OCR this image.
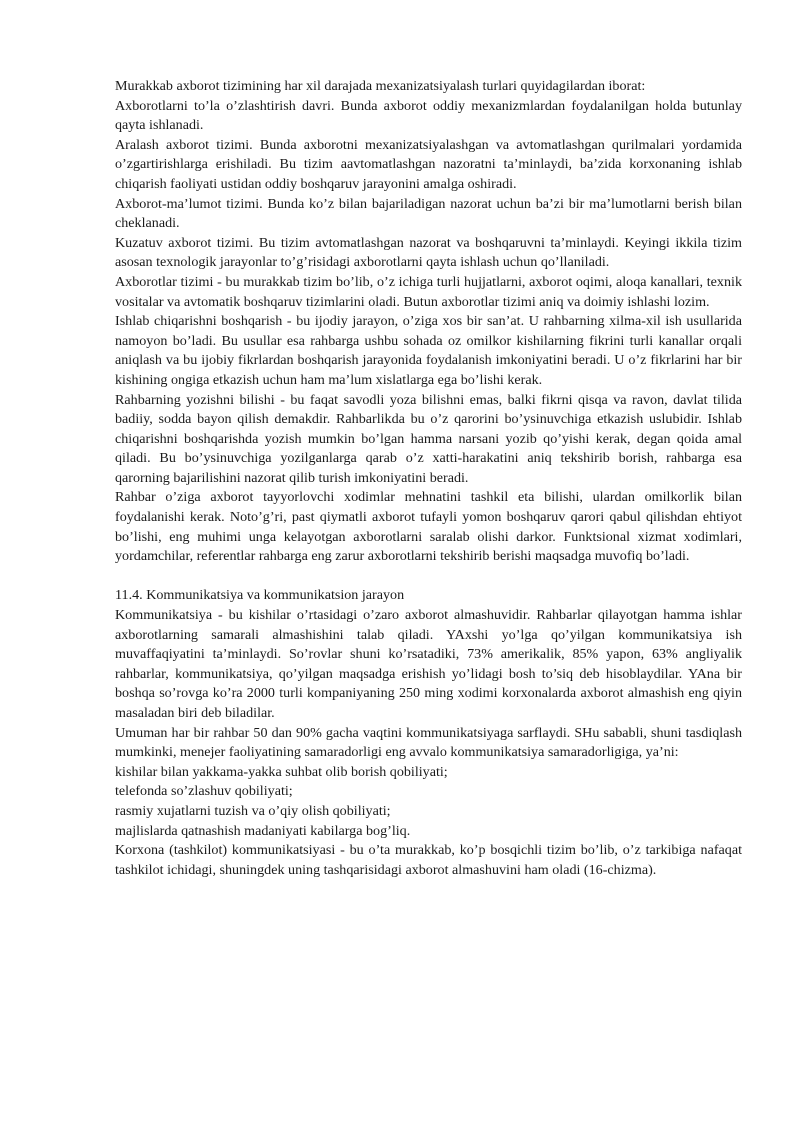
Murakkab axborot tizimining har xil darajada mexanizatsiyalash turlari quyidagilardan iborat:

Axborotlarni to’la o’zlashtirish davri. Bunda axborot oddiy mexanizmlardan foydalanilgan holda butunlay qayta ishlanadi.

Aralash axborot tizimi. Bunda axborotni mexanizatsiyalashgan va avtomatlashgan qurilmalari yordamida o’zgartirishlarga erishiladi. Bu tizim aavtomatlashgan nazoratni ta’minlaydi, ba’zida korxonaning ishlab chiqarish faoliyati ustidan oddiy boshqaruv jarayonini amalga oshiradi.

Axborot-ma’lumot tizimi. Bunda ko’z bilan bajariladigan nazorat uchun ba’zi bir ma’lumotlarni berish bilan cheklanadi.

Kuzatuv axborot tizimi. Bu tizim avtomatlashgan nazorat va boshqaruvni ta’minlaydi. Keyingi ikkila tizim asosan texnologik jarayonlar to’g’risidagi axborotlarni qayta ishlash uchun qo’llaniladi.

Axborotlar tizimi - bu murakkab tizim bo’lib, o’z ichiga turli hujjatlarni, axborot oqimi, aloqa kanallari, texnik vositalar va avtomatik boshqaruv tizimlarini oladi. Butun axborotlar tizimi aniq va doimiy ishlashi lozim.

Ishlab chiqarishni boshqarish - bu ijodiy jarayon, o’ziga xos bir san’at. U rahbarning xilma-xil ish usullarida namoyon bo’ladi. Bu usullar esa rahbarga ushbu sohada oz omilkor kishilarning fikrini turli kanallar orqali aniqlash va bu ijobiy fikrlardan boshqarish jarayonida foydalanish imkoniyatini beradi. U o’z fikrlarini har bir kishining ongiga etkazish uchun ham ma’lum xislatlarga ega bo’lishi kerak.

Rahbarning yozishni bilishi - bu faqat savodli yoza bilishni emas, balki fikrni qisqa va ravon, davlat tilida badiiy, sodda bayon qilish demakdir. Rahbarlikda bu o’z qarorini bo’ysinuvchiga etkazish uslubidir. Ishlab chiqarishni boshqarishda yozish mumkin bo’lgan hamma narsani yozib qo’yishi kerak, degan qoida amal qiladi. Bu bo’ysinuvchiga yozilganlarga qarab o’z xatti-harakatini aniq tekshirib borish, rahbarga esa qarorning bajarilishini nazorat qilib turish imkoniyatini beradi.

Rahbar o’ziga axborot tayyorlovchi xodimlar mehnatini tashkil eta bilishi, ulardan omilkorlik bilan foydalanishi kerak. Noto’g’ri, past qiymatli axborot tufayli yomon boshqaruv qarori qabul qilishdan ehtiyot bo’lishi, eng muhimi unga kelayotgan axborotlarni saralab olishi darkor. Funktsional xizmat xodimlari, yordamchilar, referentlar rahbarga eng zarur axborotlarni tekshirib berishi maqsadga muvofiq bo’ladi.

11.4. Kommunikatsiya va kommunikatsion jarayon

Kommunikatsiya - bu kishilar o’rtasidagi o’zaro axborot almashuvidir. Rahbarlar qilayotgan hamma ishlar axborotlarning samarali almashishini talab qiladi. YAxshi yo’lga qo’yilgan kommunikatsiya ish muvaffaqiyatini ta’minlaydi. So’rovlar shuni ko’rsatadiki, 73% amerikalik, 85% yapon, 63% angliyalik rahbarlar, kommunikatsiya, qo’yilgan maqsadga erishish yo’lidagi bosh to’siq deb hisoblaydilar. YAna bir boshqa so’rovga ko’ra 2000 turli kompaniyaning 250 ming xodimi korxonalarda axborot almashish eng qiyin masaladan biri deb biladilar.

Umuman har bir rahbar 50 dan 90% gacha vaqtini kommunikatsiyaga sarflaydi. SHu sababli, shuni tasdiqlash mumkinki, menejer faoliyatining samaradorligi eng avvalo kommunikatsiya samaradorligiga, ya’ni:

kishilar bilan yakkama-yakka suhbat olib borish qobiliyati;

telefonda so’zlashuv qobiliyati;

rasmiy xujatlarni tuzish va o’qiy olish qobiliyati;

majlislarda qatnashish madaniyati kabilarga bog’liq.

Korxona (tashkilot) kommunikatsiyasi - bu o’ta murakkab, ko’p bosqichli tizim bo’lib, o’z tarkibiga nafaqat tashkilot ichidagi, shuningdek uning tashqarisidagi axborot almashuvini ham oladi (16-chizma).
